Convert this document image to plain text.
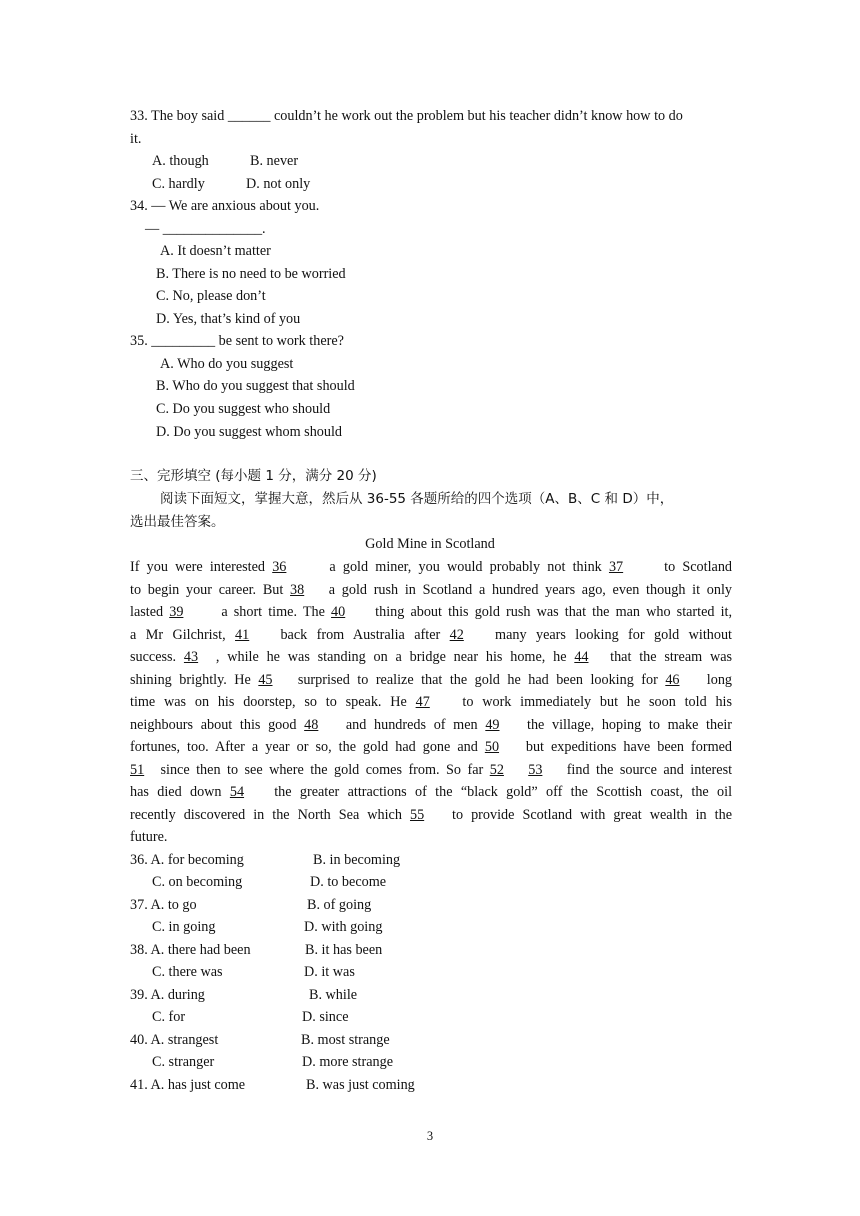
33. The boy said ______ couldn’t he work out the problem but his teacher didn’t know how to do
it.
A. though	B. never
C. hardly	D. not only
34. — We are anxious about you.
— ______________.
A. It doesn’t matter
B. There is no need to be worried
C. No, please don’t
D. Yes, that’s kind of you
35. _________ be sent to work there?
A. Who do you suggest
B. Who do you suggest that should
C. Do you suggest who should
D. Do you suggest whom should
三、完形填空 (每小题 1 分，满分 20 分)
阅读下面短文，掌握大意，然后从 36-55 各题所给的四个选项（A、B、C 和 D）中，
选出最佳答案。
Gold Mine in Scotland
If you were interested 36	a gold miner, you would probably not think 37	to Scotland
to begin your career. But 38 a gold rush in Scotland a hundred years ago, even though it only
lasted 39	a short time. The 40 thing about this gold rush was that the man who started it,
a Mr Gilchrist, 41 back from Australia after 42 many years looking for gold without
success. 43 , while he was standing on a bridge near his home, he 44 that the stream was
shining brightly. He 45 surprised to realize that the gold he had been looking for 46 long
time was on his doorstep, so to speak. He 47 to work immediately but he soon told his
neighbours about this good 48 and hundreds of men 49 the village, hoping to make their
fortunes, too. After a year or so, the gold had gone and 50 but expeditions have been formed
51 since then to see where the gold comes from. So far 52 53 find the source and interest
has died down 54 the greater attractions of the “black gold” off the Scottish coast, the oil
recently discovered in the North Sea which 55 to provide Scotland with great wealth in the
future.
36. A. for becoming	B. in becoming
C. on becoming	D. to become
37. A. to go	B. of going
C. in going	D. with going
38. A. there had been	B. it has been
C. there was	D. it was
39. A. during	B. while
C. for	D. since
40. A. strangest	B. most strange
C. stranger	D. more strange
41. A. has just come	B. was just coming
3
